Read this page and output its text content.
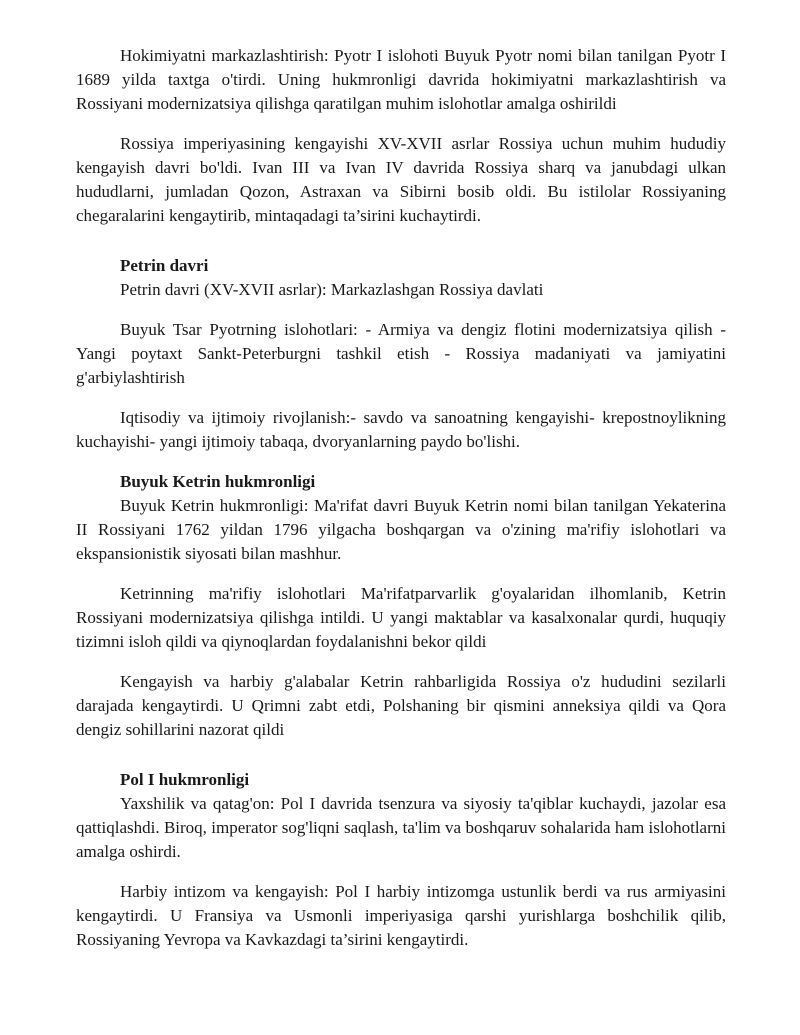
Hokimiyatni markazlashtirish: Pyotr I islohoti Buyuk Pyotr nomi bilan tanilgan Pyotr I 1689 yilda taxtga o'tirdi. Uning hukmronligi davrida hokimiyatni markazlashtirish va Rossiyani modernizatsiya qilishga qaratilgan muhim islohotlar amalga oshirildi

Rossiya imperiyasining kengayishi XV-XVII asrlar Rossiya uchun muhim hududiy kengayish davri bo'ldi. Ivan III va Ivan IV davrida Rossiya sharq va janubdagi ulkan hududlarni, jumladan Qozon, Astraxan va Sibirni bosib oldi. Bu istilolar Rossiyaning chegaralarini kengaytirib, mintaqadagi ta’sirini kuchaytirdi.

Petrin davri

Petrin davri (XV-XVII asrlar): Markazlashgan Rossiya davlati

Buyuk Tsar Pyotrning islohotlari: - Armiya va dengiz flotini modernizatsiya qilish - Yangi poytaxt Sankt-Peterburgni tashkil etish - Rossiya madaniyati va jamiyatini g'arbiylashtirish

Iqtisodiy va ijtimoiy rivojlanish:- savdo va sanoatning kengayishi- krepostnoylikning kuchayishi- yangi ijtimoiy tabaqa, dvoryanlarning paydo bo'lishi.

Buyuk Ketrin hukmronligi

Buyuk Ketrin hukmronligi: Ma'rifat davri Buyuk Ketrin nomi bilan tanilgan Yekaterina II Rossiyani 1762 yildan 1796 yilgacha boshqargan va o'zining ma'rifiy islohotlari va ekspansionistik siyosati bilan mashhur.

Ketrinning ma'rifiy islohotlari Ma'rifatparvarlik g'oyalaridan ilhomlanib, Ketrin Rossiyani modernizatsiya qilishga intildi. U yangi maktablar va kasalxonalar qurdi, huquqiy tizimni isloh qildi va qiynoqlardan foydalanishni bekor qildi

Kengayish va harbiy g'alabalar Ketrin rahbarligida Rossiya o'z hududini sezilarli darajada kengaytirdi. U Qrimni zabt etdi, Polshaning bir qismini anneksiya qildi va Qora dengiz sohillarini nazorat qildi

Pol I hukmronligi

Yaxshilik va qatag'on: Pol I davrida tsenzura va siyosiy ta'qiblar kuchaydi, jazolar esa qattiqlashdi. Biroq, imperator sog'liqni saqlash, ta'lim va boshqaruv sohalarida ham islohotlarni amalga oshirdi.

Harbiy intizom va kengayish: Pol I harbiy intizomga ustunlik berdi va rus armiyasini kengaytirdi. U Fransiya va Usmonli imperiyasiga qarshi yurishlarga boshchilik qilib, Rossiyaning Yevropa va Kavkazdagi ta’sirini kengaytirdi.
